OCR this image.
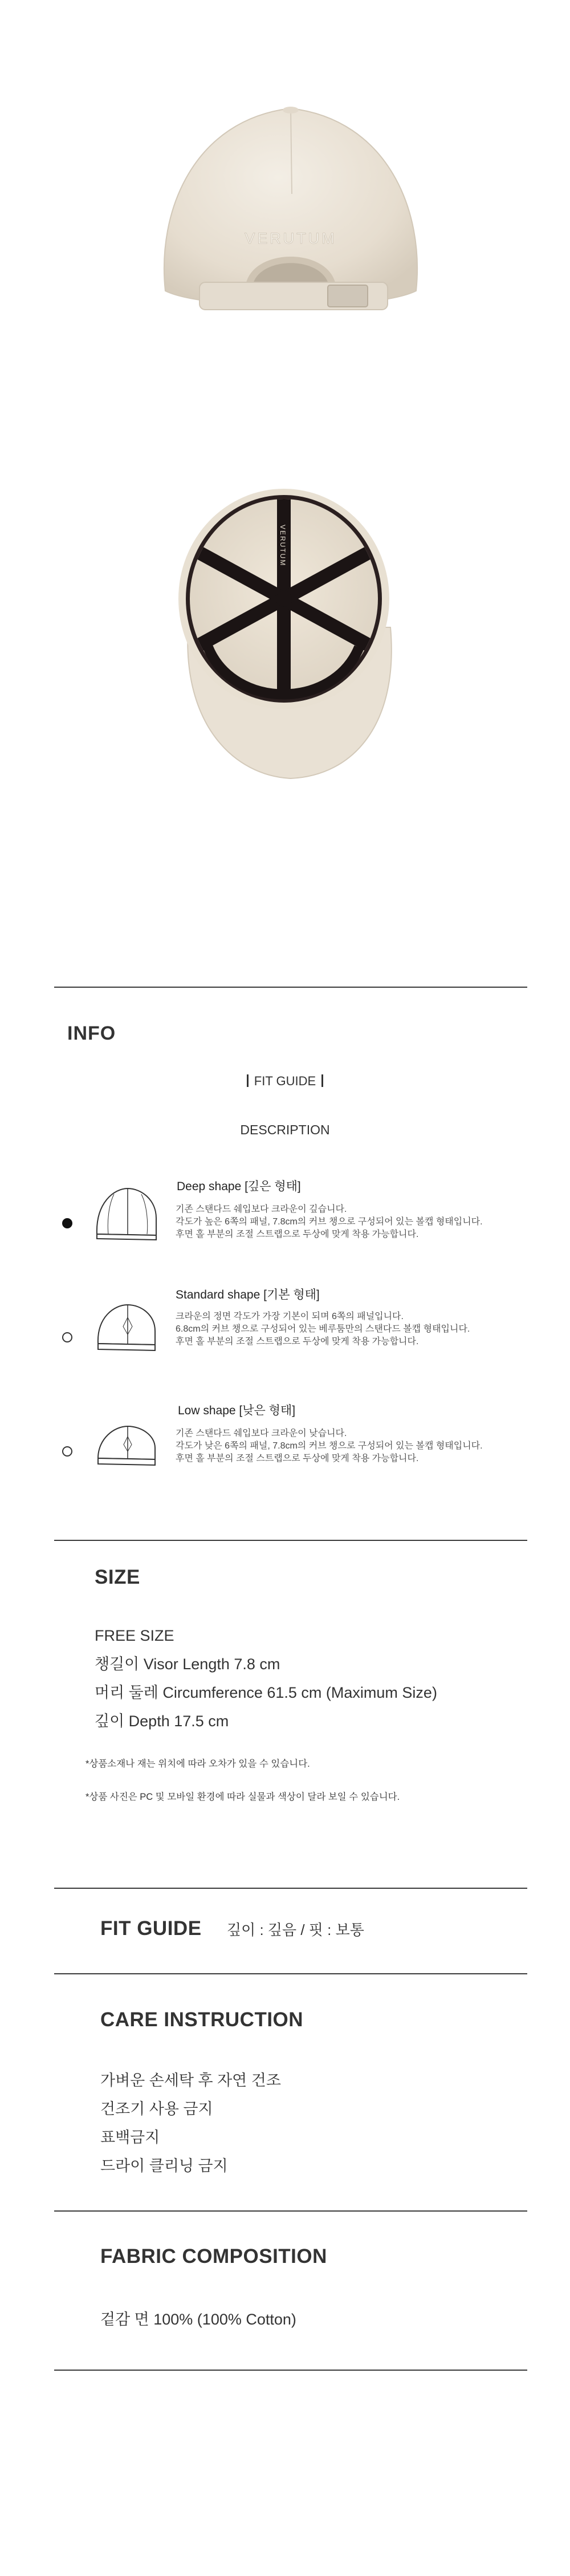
VERUTUM
VERUTUM
INFO
FIT GUIDE
DESCRIPTION
Deep shape [깊은 형태]
기존 스탠다드 쉐입보다 크라운이 깊습니다.
각도가 높은 6쪽의 패널, 7.8cm의 커브 챙으로 구성되어 있는 볼캡 형태입니다.
후면 홀 부분의 조절 스트랩으로 두상에 맞게 착용 가능합니다.
Standard shape [기본 형태]
크라운의 정면 각도가 가장 기본이 되며 6쪽의 패널입니다.
6.8cm의 커브 챙으로 구성되어 있는 베루툼만의 스탠다드 볼캡 형태입니다.
후면 홀 부분의 조절 스트랩으로 두상에 맞게 착용 가능합니다.
Low shape [낮은 형태]
기존 스탠다드 쉐입보다 크라운이 낮습니다.
각도가 낮은 6쪽의 패널, 7.8cm의 커브 챙으로 구성되어 있는 볼캡 형태입니다.
후면 홀 부분의 조절 스트랩으로 두상에 맞게 착용 가능합니다.
SIZE
FREE SIZE
챙길이 Visor Length 7.8 cm
머리 둘레 Circumference 61.5 cm (Maximum Size)
깊이 Depth 17.5 cm
*상품소재나 재는 위치에 따라 오차가 있을 수 있습니다.
*상품 사진은 PC 및 모바일 환경에 따라 실물과 색상이 달라 보일 수 있습니다.
FIT GUIDE 깊이 : 깊음 / 핏 : 보통
CARE INSTRUCTION
가벼운 손세탁 후 자연 건조
건조기 사용 금지
표백금지
드라이 클리닝 금지
FABRIC COMPOSITION
겉감 면 100% (100% Cotton)
